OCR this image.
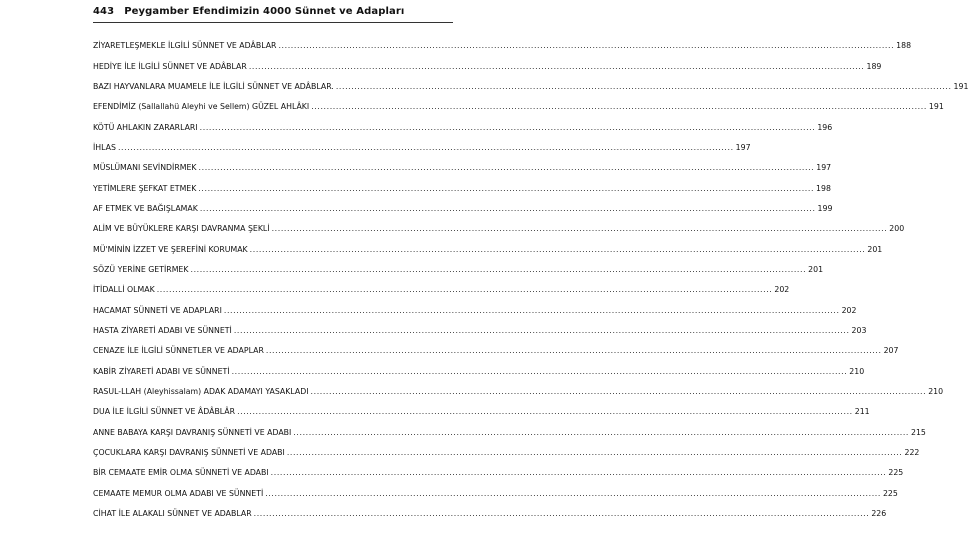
443 Peygamber Efendimizin 4000 Sünnet ve Adapları
ZİYARETLEŞMEKLE İLGİLİ SÜNNET VE ADÂBLAR ........................................................................................................................................................................................................ 188
HEDİYE İLE İLGİLİ SÜNNET VE ADÂBLAR ........................................................................................................................................................................................................ 189
BAZI HAYVANLARA MUAMELE İLE İLGİLİ SÜNNET VE ADÂBLAR. ........................................................................................................................................................................................................ 191
EFENDİMİZ (Sallallahü Aleyhi ve Sellem) GÜZEL AHLÂKI ........................................................................................................................................................................................................ 191
KÖTÜ AHLAKIN ZARARLARI ........................................................................................................................................................................................................ 196
İHLAS ........................................................................................................................................................................................................ 197
MÜSLÜMANI SEVİNDİRMEK ........................................................................................................................................................................................................ 197
YETİMLERE ŞEFKAT ETMEK ........................................................................................................................................................................................................ 198
AF ETMEK VE BAĞIŞLAMAK ........................................................................................................................................................................................................ 199
ALİM VE BÜYÜKLERE KARŞI DAVRANMA ŞEKLİ ........................................................................................................................................................................................................ 200
MÜ'MİNİN İZZET VE ŞEREFİNİ KORUMAK ........................................................................................................................................................................................................ 201
SÖZÜ YERİNE GETİRMEK ........................................................................................................................................................................................................ 201
İTİDALLİ OLMAK ........................................................................................................................................................................................................ 202
HACAMAT SÜNNETİ VE ADAPLARI ........................................................................................................................................................................................................ 202
HASTA ZİYARETİ ADABI VE SÜNNETİ ........................................................................................................................................................................................................ 203
CENAZE İLE İLGİLİ SÜNNETLER VE ADAPLAR ........................................................................................................................................................................................................ 207
KABİR ZİYARETİ ADABI VE SÜNNETİ ........................................................................................................................................................................................................ 210
RASUL-LLAH (Aleyhissalam) ADAK ADAMAYI YASAKLADI ........................................................................................................................................................................................................ 210
DUA İLE İLGİLİ SÜNNET VE ÂDÂBLÂR ........................................................................................................................................................................................................ 211
ANNE BABAYA KARŞI DAVRANIŞ SÜNNETİ VE ADABI ........................................................................................................................................................................................................ 215
ÇOCUKLARA KARŞI DAVRANIŞ SÜNNETİ VE ADABI ........................................................................................................................................................................................................ 222
BİR CEMAATE EMİR OLMA SÜNNETİ VE ADABI ........................................................................................................................................................................................................ 225
CEMAATE MEMUR OLMA ADABI VE SÜNNETİ ........................................................................................................................................................................................................ 225
CİHAT İLE ALAKALI SÜNNET VE ADABLAR ........................................................................................................................................................................................................ 226
